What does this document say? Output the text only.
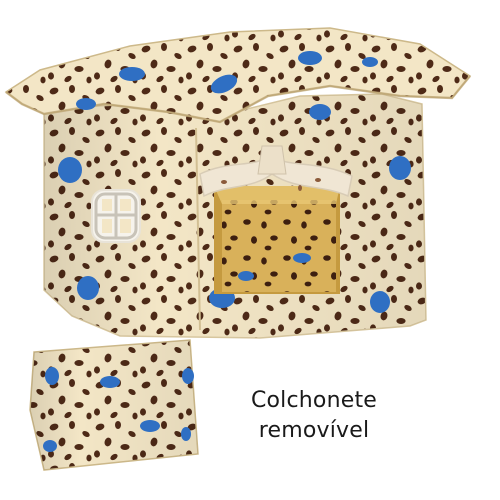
Colchonete
removível
